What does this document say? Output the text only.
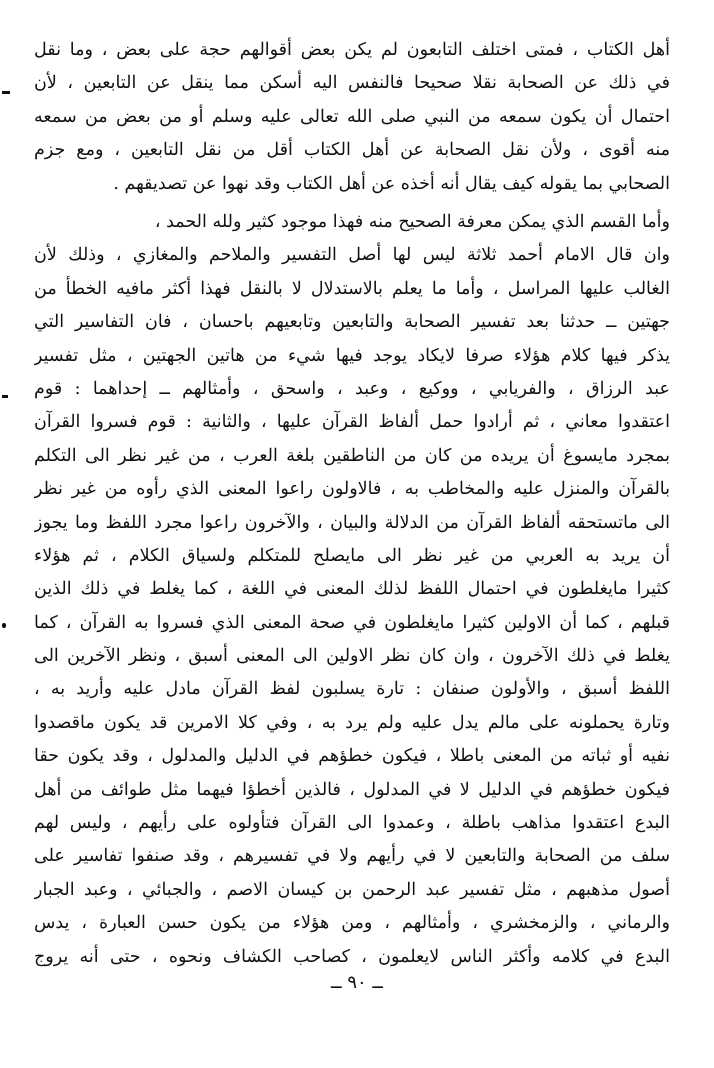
أهل الكتاب ، فمتى اختلف التابعون لم يكن بعض أقوالهم حجة على بعض ، وما نقل
في ذلك عن الصحابة نقلا صحيحا فالنفس اليه أسكن مما ينقل عن التابعين ، لأن
احتمال أن يكون سمعه من النبي صلى الله تعالى عليه وسلم أو من بعض من سمعه
منه أقوى ، ولأن نقل الصحابة عن أهل الكتاب أقل من نقل التابعين ، ومع جزم
الصحابي بما يقوله كيف يقال أنه أخذه عن أهل الكتاب وقد نهوا عن تصديقهم .
وأما القسم الذي يمكن معرفة الصحيح منه فهذا موجود كثير ولله الحمد ،
وان قال الامام أحمد ثلاثة ليس لها أصل التفسير والملاحم والمغازي ، وذلك لأن
الغالب عليها المراسل ، وأما ما يعلم بالاستدلال لا بالنقل فهذا أكثر مافيه الخطأ من
جهتين ــ حدثنا بعد تفسير الصحابة والتابعين وتابعيهم باحسان ، فان التفاسير التي
يذكر فيها كلام هؤلاء صرفا لايكاد يوجد فيها شيء من هاتين الجهتين ، مثل تفسير
عبد الرزاق ، والفريابي ، ووكيع ، وعبد ، واسحق ، وأمثالهم ــ إحداهما : قوم
اعتقدوا معاني ، ثم أرادوا حمل ألفاظ القرآن عليها ، والثانية : قوم فسروا القرآن
بمجرد مايسوغ أن يريده من كان من الناطقين بلغة العرب ، من غير نظر الى التكلم
بالقرآن والمنزل عليه والمخاطب به ، فالاولون راعوا المعنى الذي رأوه من غير نظر
الى ماتستحقه ألفاظ القرآن من الدلالة والبيان ، والآخرون راعوا مجرد اللفظ وما يجوز
أن يريد به العربي من غير نظر الى مايصلح للمتكلم ولسياق الكلام ، ثم هؤلاء
كثيرا مايغلطون في احتمال اللفظ لذلك المعنى في اللغة ، كما يغلط في ذلك الذين
قبلهم ، كما أن الاولين كثيرا مايغلطون في صحة المعنى الذي فسروا به القرآن ، كما
يغلط في ذلك الآخرون ، وان كان نظر الاولين الى المعنى أسبق ، ونظر الآخرين الى
اللفظ أسبق ، والأولون صنفان : تارة يسلبون لفظ القرآن مادل عليه وأريد به ،
وتارة يحملونه على مالم يدل عليه ولم يرد به ، وفي كلا الامرين قد يكون ماقصدوا
نفيه أو ثباته من المعنى باطلا ، فيكون خطؤهم في الدليل والمدلول ، وقد يكون حقا
فيكون خطؤهم في الدليل لا في المدلول ، فالذين أخطؤا فيهما مثل طوائف من أهل
البدع اعتقدوا مذاهب باطلة ، وعمدوا الى القرآن فتأولوه على رأيهم ، وليس لهم
سلف من الصحابة والتابعين لا في رأيهم ولا في تفسيرهم ، وقد صنفوا تفاسير على
أصول مذهبهم ، مثل تفسير عبد الرحمن بن كيسان الاصم ، والجبائي ، وعبد الجبار
والرماني ، والزمخشري ، وأمثالهم ، ومن هؤلاء من يكون حسن العبارة ، يدس
البدع في كلامه وأكثر الناس لايعلمون ، كصاحب الكشاف ونحوه ، حتى أنه يروج
ــ ٩٠ ــ
